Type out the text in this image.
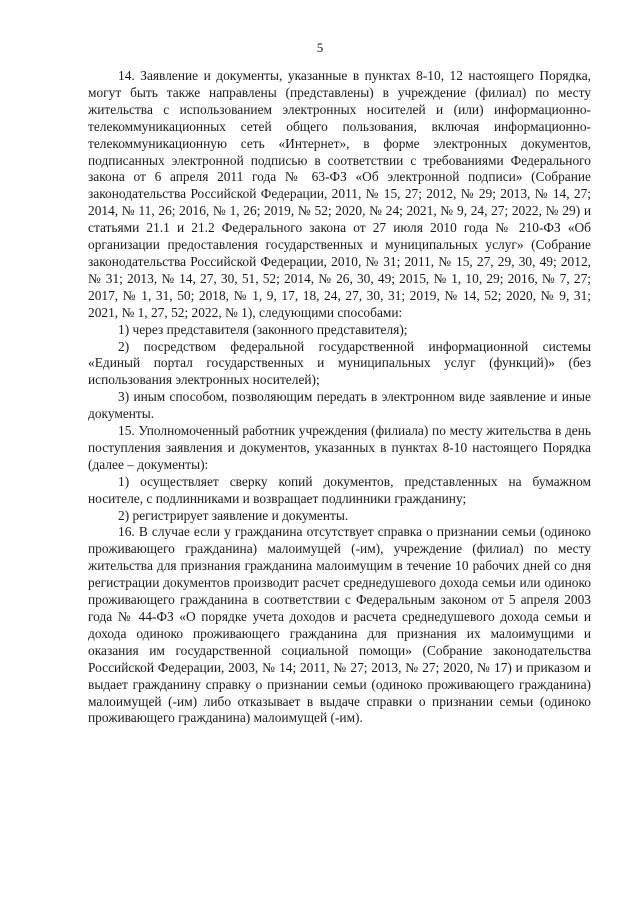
5

14. Заявление и документы, указанные в пунктах 8-10, 12 настоящего Порядка, могут быть также направлены (представлены) в учреждение (филиал) по месту жительства с использованием электронных носителей и (или) информационно-телекоммуникационных сетей общего пользования, включая информационно-телекоммуникационную сеть «Интернет», в форме электронных документов, подписанных электронной подписью в соответствии с требованиями Федерального закона от 6 апреля 2011 года № 63-ФЗ «Об электронной подписи» (Собрание законодательства Российской Федерации, 2011, № 15, 27; 2012, № 29; 2013, № 14, 27; 2014, № 11, 26; 2016, № 1, 26; 2019, № 52; 2020, № 24; 2021, № 9, 24, 27; 2022, № 29) и статьями 21.1 и 21.2 Федерального закона от 27 июля 2010 года № 210-ФЗ «Об организации предоставления государственных и муниципальных услуг» (Собрание законодательства Российской Федерации, 2010, № 31; 2011, № 15, 27, 29, 30, 49; 2012, № 31; 2013, № 14, 27, 30, 51, 52; 2014, № 26, 30, 49; 2015, № 1, 10, 29; 2016, № 7, 27; 2017, № 1, 31, 50; 2018, № 1, 9, 17, 18, 24, 27, 30, 31; 2019, № 14, 52; 2020, № 9, 31; 2021, № 1, 27, 52; 2022, № 1), следующими способами:

1) через представителя (законного представителя);

2) посредством федеральной государственной информационной системы «Единый портал государственных и муниципальных услуг (функций)» (без использования электронных носителей);

3) иным способом, позволяющим передать в электронном виде заявление и иные документы.

15. Уполномоченный работник учреждения (филиала) по месту жительства в день поступления заявления и документов, указанных в пунктах 8-10 настоящего Порядка (далее – документы):

1) осуществляет сверку копий документов, представленных на бумажном носителе, с подлинниками и возвращает подлинники гражданину;

2) регистрирует заявление и документы.

16. В случае если у гражданина отсутствует справка о признании семьи (одиноко проживающего гражданина) малоимущей (-им), учреждение (филиал) по месту жительства для признания гражданина малоимущим в течение 10 рабочих дней со дня регистрации документов производит расчет среднедушевого дохода семьи или одиноко проживающего гражданина в соответствии с Федеральным законом от 5 апреля 2003 года № 44-ФЗ «О порядке учета доходов и расчета среднедушевого дохода семьи и дохода одиноко проживающего гражданина для признания их малоимущими и оказания им государственной социальной помощи» (Собрание законодательства Российской Федерации, 2003, № 14; 2011, № 27; 2013, № 27; 2020, № 17) и приказом и выдает гражданину справку о признании семьи (одиноко проживающего гражданина) малоимущей (-им) либо отказывает в выдаче справки о признании семьи (одиноко проживающего гражданина) малоимущей (-им).
